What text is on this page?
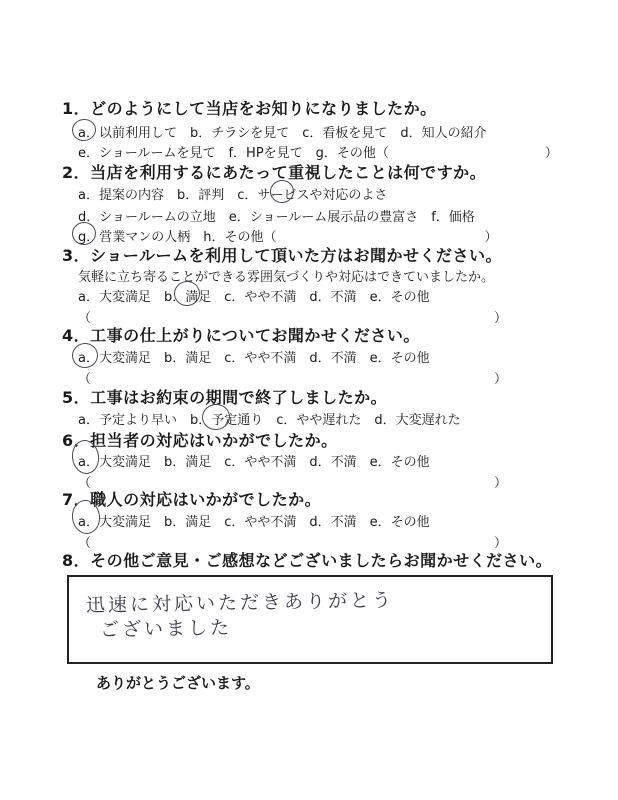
1．どのようにして当店をお知りになりましたか。
a．以前利用して　b．チラシを見て　c．看板を見て　d．知人の紹介
e．ショールームを見て　f．HPを見て　g．その他（　　　　　　　　　　　　）
2．当店を利用するにあたって重視したことは何ですか。
a．提案の内容　b．評判　c．サービスや対応のよさ
d．ショールームの立地　e．ショールーム展示品の豊富さ　f．価格
g．営業マンの人柄　h．その他（　　　　　　　　　　　　　　　　）
3．ショールームを利用して頂いた方はお聞かせください。
気軽に立ち寄ることができる雰囲気づくりや対応はできていましたか。
a．大変満足　b．満足　c．やや不満　d．不満　e．その他
（　　　　　　　　　　　　　　　　　　　　　　　　　　　　　　　）
4．工事の仕上がりについてお聞かせください。
a．大変満足　b．満足　c．やや不満　d．不満　e．その他
（　　　　　　　　　　　　　　　　　　　　　　　　　　　　　　　）
5．工事はお約束の期間で終了しましたか。
a．予定より早い　b．予定通り　c．やや遅れた　d．大変遅れた
6．担当者の対応はいかがでしたか。
a．大変満足　b．満足　c．やや不満　d．不満　e．その他
（　　　　　　　　　　　　　　　　　　　　　　　　　　　　　　　）
7．職人の対応はいかがでしたか。
a．大変満足　b．満足　c．やや不満　d．不満　e．その他
（　　　　　　　　　　　　　　　　　　　　　　　　　　　　　　　）
8．その他ご意見・ご感想などございましたらお聞かせください。
迅速に対応いただきありがとう
ございました
ありがとうございます。
